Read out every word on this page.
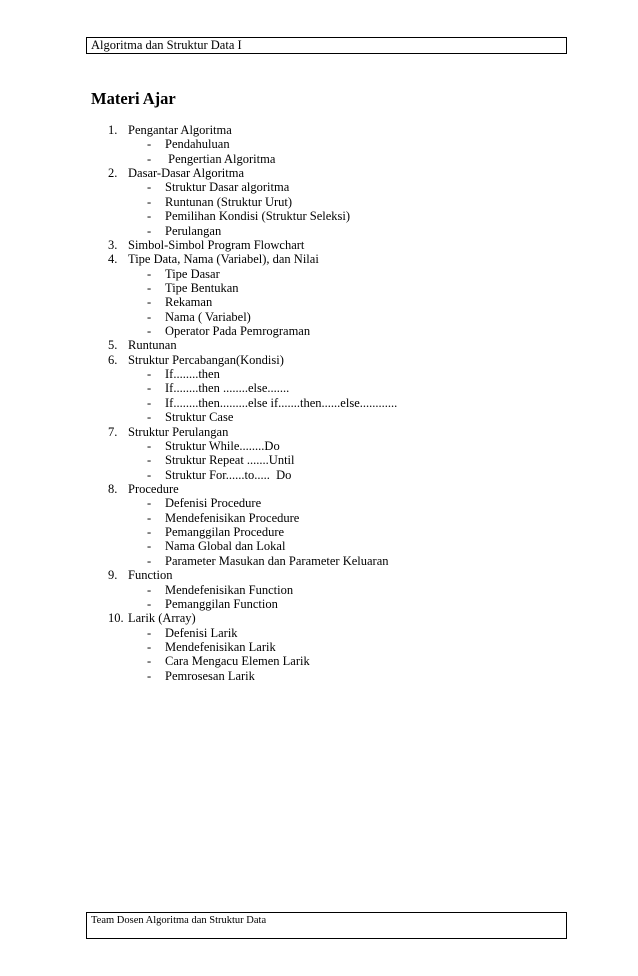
Algoritma dan Struktur Data I
Materi Ajar
1. Pengantar Algoritma
- Pendahuluan
- Pengertian Algoritma
2. Dasar-Dasar Algoritma
- Struktur Dasar algoritma
- Runtunan (Struktur Urut)
- Pemilihan Kondisi (Struktur Seleksi)
- Perulangan
3. Simbol-Simbol Program Flowchart
4. Tipe Data, Nama (Variabel), dan Nilai
- Tipe Dasar
- Tipe Bentukan
- Rekaman
- Nama ( Variabel)
- Operator Pada Pemrograman
5. Runtunan
6. Struktur Percabangan(Kondisi)
- If........then
- If........then ........else.......
- If........then.........else if.......then......else............
- Struktur Case
7. Struktur Perulangan
- Struktur While........Do
- Struktur Repeat .......Until
- Struktur For......to.....  Do
8. Procedure
- Defenisi Procedure
- Mendefenisikan Procedure
- Pemanggilan Procedure
- Nama Global dan Lokal
- Parameter Masukan dan Parameter Keluaran
9. Function
- Mendefenisikan Function
- Pemanggilan Function
10. Larik (Array)
- Defenisi Larik
- Mendefenisikan Larik
- Cara Mengacu Elemen Larik
- Pemrosesan Larik
Team Dosen Algoritma dan Struktur Data
